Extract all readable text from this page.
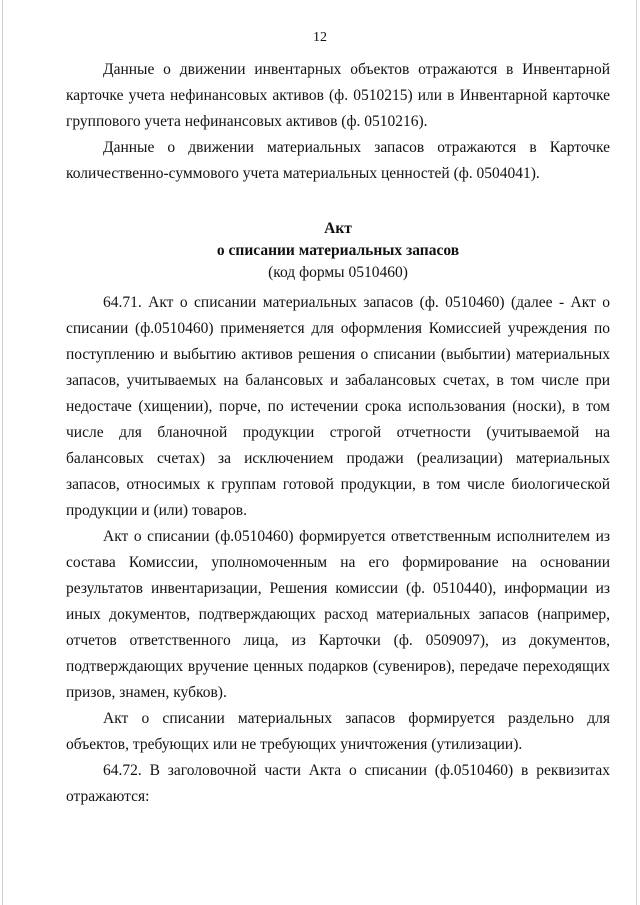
12

Данные о движении инвентарных объектов отражаются в Инвентарной карточке учета нефинансовых активов (ф. 0510215) или в Инвентарной карточке группового учета нефинансовых активов (ф. 0510216).

Данные о движении материальных запасов отражаются в Карточке количественно-суммового учета материальных ценностей (ф. 0504041).

Акт

о списании материальных запасов

(код формы 0510460)

64.71. Акт о списании материальных запасов (ф. 0510460) (далее - Акт о списании (ф.0510460) применяется для оформления Комиссией учреждения по поступлению и выбытию активов решения о списании (выбытии) материальных запасов, учитываемых на балансовых и забалансовых счетах, в том числе при недостаче (хищении), порче, по истечении срока использования (носки), в том числе для бланочной продукции строгой отчетности (учитываемой на балансовых счетах) за исключением продажи (реализации) материальных запасов, относимых к группам готовой продукции, в том числе биологической продукции и (или) товаров.

Акт о списании (ф.0510460) формируется ответственным исполнителем из состава Комиссии, уполномоченным на его формирование на основании результатов инвентаризации, Решения комиссии (ф. 0510440), информации из иных документов, подтверждающих расход материальных запасов (например, отчетов ответственного лица, из Карточки (ф. 0509097), из документов, подтверждающих вручение ценных подарков (сувениров), передаче переходящих призов, знамен, кубков).

Акт о списании материальных запасов формируется раздельно для объектов, требующих или не требующих уничтожения (утилизации).

64.72. В заголовочной части Акта о списании (ф.0510460) в реквизитах отражаются:
